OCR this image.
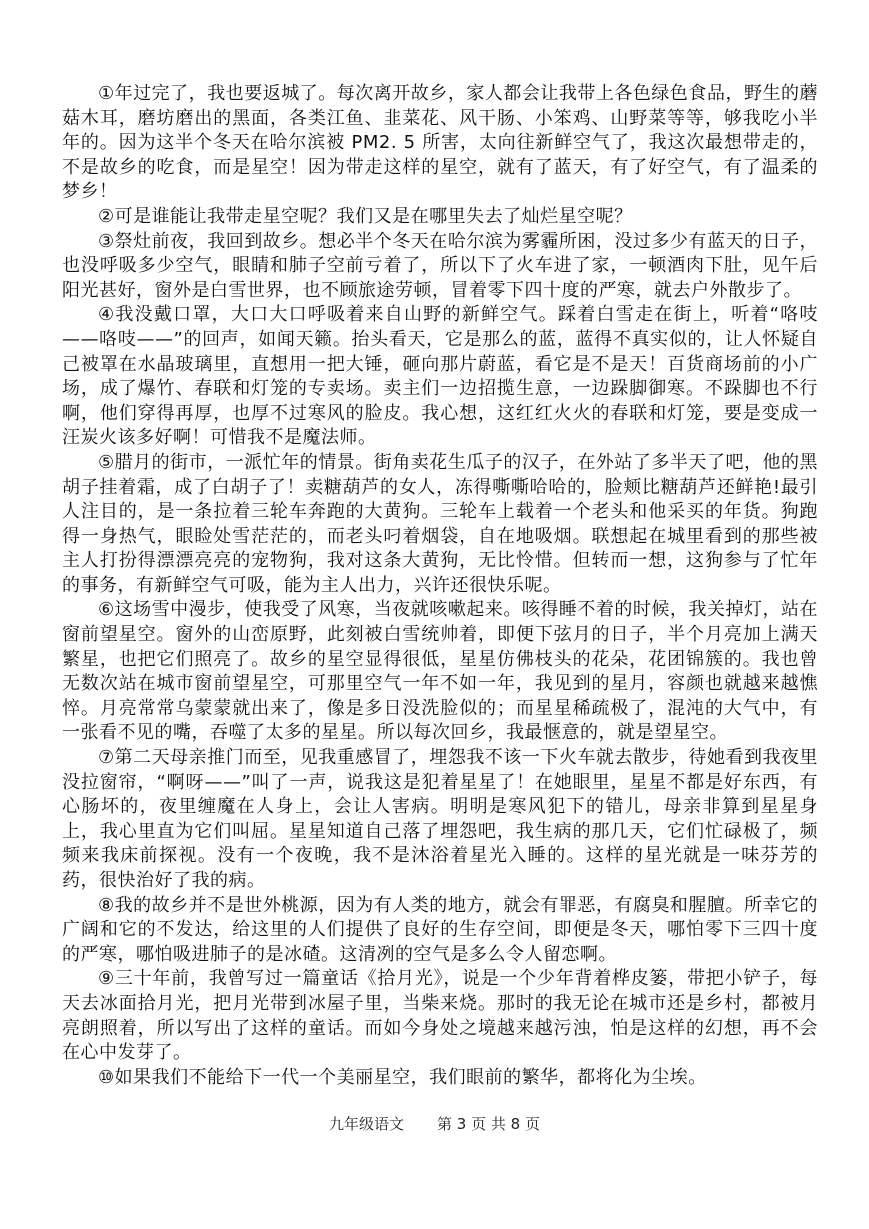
①年过完了，我也要返城了。每次离开故乡，家人都会让我带上各色绿色食品，野生的蘑菇木耳，磨坊磨出的黑面，各类江鱼、韭菜花、风干肠、小笨鸡、山野菜等等，够我吃小半年的。因为这半个冬天在哈尔滨被 PM2. 5 所害，太向往新鲜空气了，我这次最想带走的，不是故乡的吃食，而是星空！因为带走这样的星空，就有了蓝天，有了好空气，有了温柔的梦乡！

②可是谁能让我带走星空呢？我们又是在哪里失去了灿烂星空呢？

③祭灶前夜，我回到故乡。想必半个冬天在哈尔滨为雾霾所困，没过多少有蓝天的日子，也没呼吸多少空气，眼睛和肺子空前亏着了，所以下了火车进了家，一顿酒肉下肚，见午后阳光甚好，窗外是白雪世界，也不顾旅途劳顿，冒着零下四十度的严寒，就去户外散步了。

④我没戴口罩，大口大口呼吸着来自山野的新鲜空气。踩着白雪走在街上，听着“咯吱——咯吱——”的回声，如闻天籁。抬头看天，它是那么的蓝，蓝得不真实似的，让人怀疑自己被罩在水晶玻璃里，直想用一把大锤，砸向那片蔚蓝，看它是不是天！百货商场前的小广场，成了爆竹、春联和灯笼的专卖场。卖主们一边招揽生意，一边跺脚御寒。不跺脚也不行啊，他们穿得再厚，也厚不过寒风的脸皮。我心想，这红红火火的春联和灯笼，要是变成一汪炭火该多好啊！可惜我不是魔法师。

⑤腊月的街市，一派忙年的情景。街角卖花生瓜子的汉子，在外站了多半天了吧，他的黑胡子挂着霜，成了白胡子了！卖糖葫芦的女人，冻得嘶嘶哈哈的，脸颊比糖葫芦还鲜艳!最引人注目的，是一条拉着三轮车奔跑的大黄狗。三轮车上载着一个老头和他采买的年货。狗跑得一身热气，眼睑处雪茫茫的，而老头叼着烟袋，自在地吸烟。联想起在城里看到的那些被主人打扮得漂漂亮亮的宠物狗，我对这条大黄狗，无比怜惜。但转而一想，这狗参与了忙年的事务，有新鲜空气可吸，能为主人出力，兴许还很快乐呢。

⑥这场雪中漫步，使我受了风寒，当夜就咳嗽起来。咳得睡不着的时候，我关掉灯，站在窗前望星空。窗外的山峦原野，此刻被白雪统帅着，即便下弦月的日子，半个月亮加上满天繁星，也把它们照亮了。故乡的星空显得很低，星星仿佛枝头的花朵，花团锦簇的。我也曾无数次站在城市窗前望星空，可那里空气一年不如一年，我见到的星月，容颜也就越来越憔悴。月亮常常乌蒙蒙就出来了，像是多日没洗脸似的；而星星稀疏极了，混沌的大气中，有一张看不见的嘴，吞噬了太多的星星。所以每次回乡，我最惬意的，就是望星空。

⑦第二天母亲推门而至，见我重感冒了，埋怨我不该一下火车就去散步，待她看到我夜里没拉窗帘，“啊呀——”叫了一声，说我这是犯着星星了！在她眼里，星星不都是好东西，有心肠坏的，夜里缠魔在人身上，会让人害病。明明是寒风犯下的错儿，母亲非算到星星身上，我心里直为它们叫屈。星星知道自己落了埋怨吧，我生病的那几天，它们忙碌极了，频频来我床前探视。没有一个夜晚，我不是沐浴着星光入睡的。这样的星光就是一味芬芳的药，很快治好了我的病。

⑧我的故乡并不是世外桃源，因为有人类的地方，就会有罪恶，有腐臭和腥膻。所幸它的广阔和它的不发达，给这里的人们提供了良好的生存空间，即便是冬天，哪怕零下三四十度的严寒，哪怕吸进肺子的是冰碴。这清冽的空气是多么令人留恋啊。

⑨三十年前，我曾写过一篇童话《拾月光》，说是一个少年背着桦皮篓，带把小铲子，每天去冰面拾月光，把月光带到冰屋子里，当柴来烧。那时的我无论在城市还是乡村，都被月亮朗照着，所以写出了这样的童话。而如今身处之境越来越污浊，怕是这样的幻想，再不会在心中发芽了。

⑩如果我们不能给下一代一个美丽星空，我们眼前的繁华，都将化为尘埃。

九年级语文 第 3 页 共 8 页
